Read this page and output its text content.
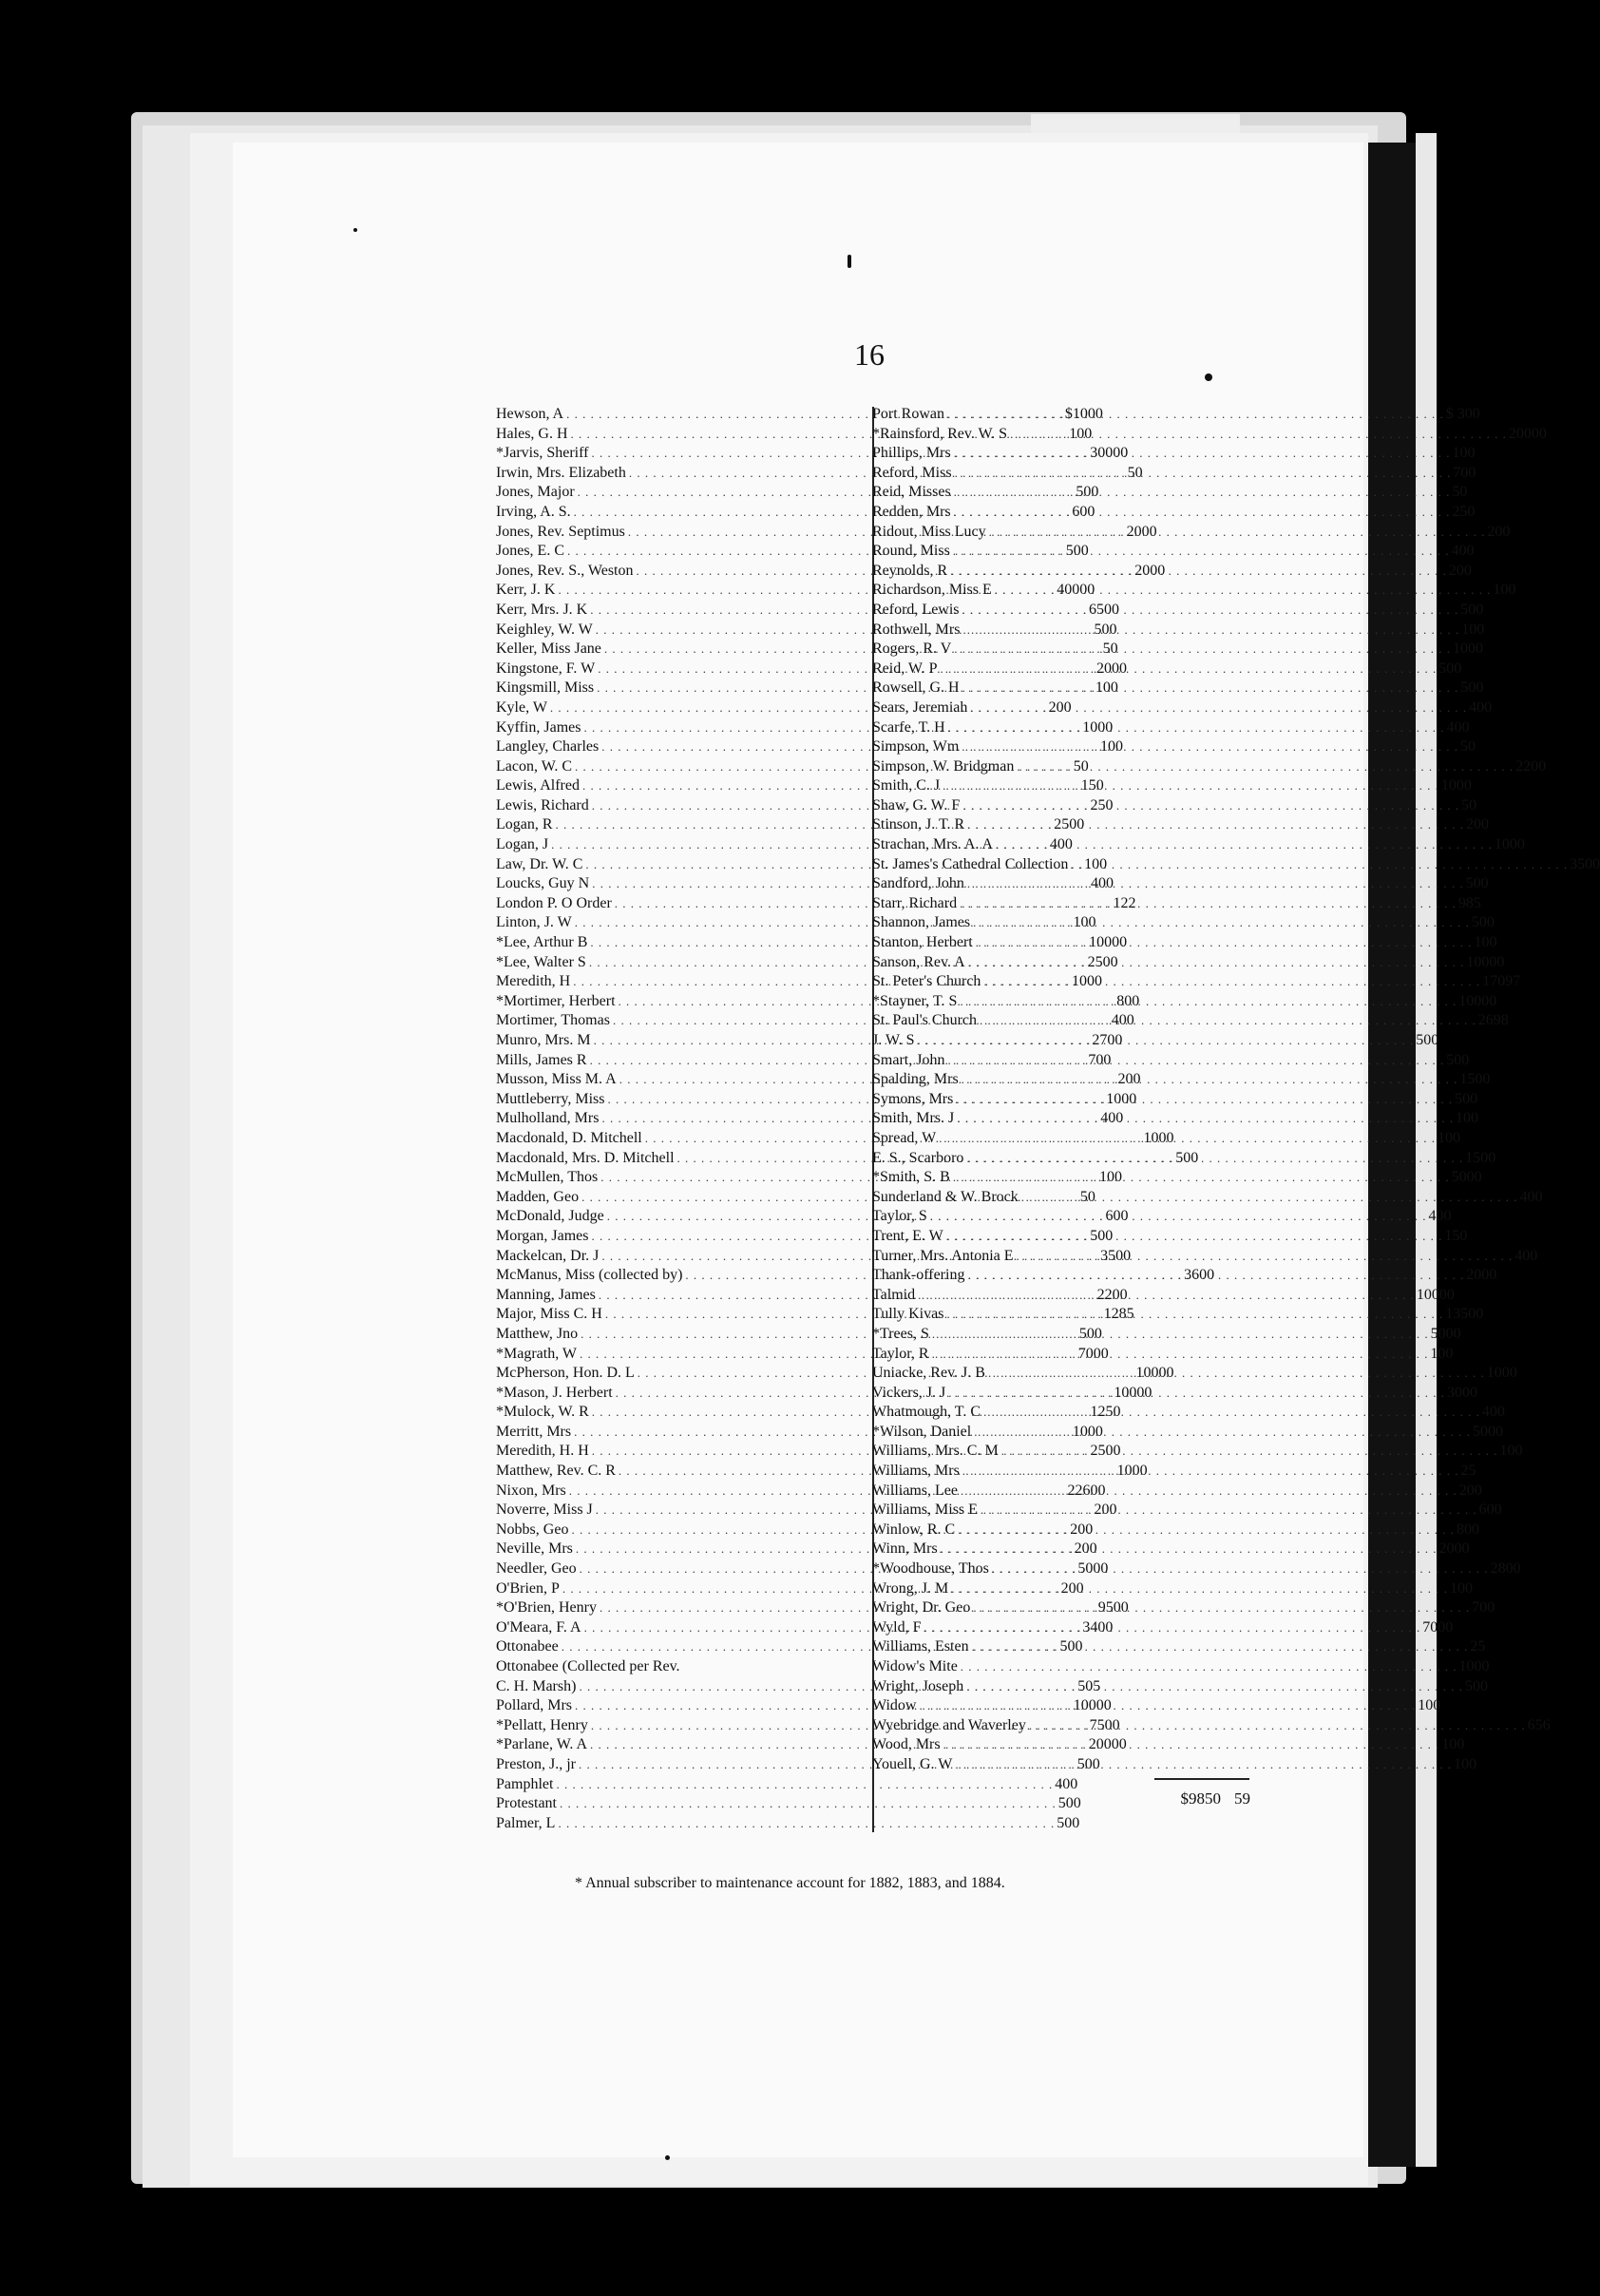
16
Hewson, A . . .	$10 00
Hales, G. H . . .	1 00
*Jarvis, Sheriff . . .	300 00
Irwin, Mrs. Elizabeth . . .	50
Jones, Major . . .	5 00
Irving, A. S. . . .	6 00
Jones, Rev. Septimus . . .	20 00
Jones, E. C . . .	5 00
Jones, Rev. S., Weston . . .	20 00
Kerr, J. K . . .	400 00
Kerr, Mrs. J. K . . .	65 00
Keighley, W. W . . .	5 00
Keller, Miss Jane . . .	50
Kingstone, F. W . . .	20 00
Kingsmill, Miss . . .	1 00
Kyle, W . . .	2 00
Kyffin, James . . .	10 00
Langley, Charles . . .	1 00
Lacon, W. C . . .	50
Lewis, Alfred . . .	1 50
Lewis, Richard . . .	2 50
Logan, R . . .	25 00
Logan, J . . .	4 00
Law, Dr. W. C . . .	1 00
Loucks, Guy N . . .	4 00
London P. O Order . . .	1 22
Linton, J. W . . .	1 00
*Lee, Arthur B . . .	100 00
*Lee, Walter S . . .	25 00
Meredith, H . . .	10 00
*Mortimer, Herbert . . .	8 00
Mortimer, Thomas . . .	4 00
Munro, Mrs. M . . .	27 00
Mills, James R . . .	7 00
Musson, Miss M. A . . .	2 00
Muttleberry, Miss . . .	10 00
Mulholland, Mrs . . .	4 00
Macdonald, D. Mitchell . . .	10 00
Macdonald, Mrs. D. Mitchell . . .	5 00
McMullen, Thos . . .	1 00
Madden, Geo . . .	50
McDonald, Judge . . .	6 00
Morgan, James . . .	5 00
Mackelcan, Dr. J . . .	35 00
McManus, Miss (collected by) . . .	36 00
Manning, James . . .	22 00
Major, Miss C. H . . .	12 85
Matthew, Jno . . .	5 00
*Magrath, W . . .	70 00
McPherson, Hon. D. L . . .	100 00
*Mason, J. Herbert . . .	100 00
*Mulock, W. R . . .	12 50
Merritt, Mrs . . .	10 00
Meredith, H. H . . .	25 00
Matthew, Rev. C. R . . .	10 00
Nixon, Mrs . . .	226 00
Noverre, Miss J . . .	2 00
Nobbs, Geo . . .	2 00
Neville, Mrs . . .	2 00
Needler, Geo . . .	50 00
O'Brien, P . . .	2 00
*O'Brien, Henry . . .	95 00
O'Meara, F. A . . .	34 00
Ottonabee . . .	5 00
Ottonabee (Collected per Rev.
C. H. Marsh) . . .	5 05
Pollard, Mrs . . .	100 00
*Pellatt, Henry . . .	75 00
*Parlane, W. A . . .	200 00
Preston, J., jr . . .	5 00
Pamphlet . . .	4 00
Protestant . . .	5 00
Palmer, L . . .	5 00
Port Rowan . . .	$ 3 00
*Rainsford, Rev. W. S . . .	200 00
Phillips, Mrs . . .	1 00
Reford, Miss . . .	7 00
Reid, Misses . . .	50
Redden, Mrs . . .	2 50
Ridout, Miss Lucy . . .	2 00
Round, Miss . . .	4 00
Reynolds, R . . .	2 00
Richardson, Miss E . . .	1 00
Reford, Lewis . . .	5 00
Rothwell, Mrs . . .	1 00
Rogers, R. V . . .	10 00
Reid, W. P . . .	5 00
Rowsell, G. H . . .	5 00
Sears, Jeremiah . . .	4 00
Scarfe, T. H . . .	4 00
Simpson, Wm . . .	50
Simpson, W. Bridgman . . .	22 00
Smith, C. J . . .	10 00
Shaw, G. W. F . . .	50
Stinson, J. T. R . . .	2 00
Strachan, Mrs. A. A . . .	10 00
St. James's Cathedral Collection . . .	35 00
Sandford, John . . .	5 00
Starr, Richard . . .	9 85
Shannon, James . . .	5 00
Stanton, Herbert . . .	1 00
Sanson, Rev. A . . .	100 00
St. Peter's Church . . .	170 97
*Stayner, T. S . . .	100 00
St. Paul's Church . . .	26 98
J. W. S . . .	5 00
Smart, John . . .	5 00
Spalding, Mrs . . .	15 00
Symons, Mrs . . .	5 00
Smith, Mrs. J . . .	1 00
Spread, W . . .	1 00
E. S., Scarboro . . .	15 00
*Smith, S. B . . .	50 00
Sunderland & W. Brock . . .	4 00
Taylor, S . . .	4 00
Trent, E. W . . .	1 50
Turner, Mrs. Antonia E . . .	4 00
Thank-offering . . .	20 00
Talmid . . .	100 00
Tully Kivas . . .	135 00
*Trees, S . . .	50 00
Taylor, R . . .	1 00
Uniacke, Rev. J. B . . .	10 00
Vickers, J. J . . .	30 00
Whatmough, T. C . . .	4 00
*Wilson, Daniel . . .	50 00
Williams, Mrs. C. M . . .	1 00
Williams, Mrs . . .	25
Williams, Lee . . .	2 00
Williams, Miss E . . .	6 00
Winlow, R. C . . .	8 00
Winn, Mrs . . .	20 00
*Woodhouse, Thos . . .	28 00
Wrong, J. M . . .	1 00
Wright, Dr. Geo . . .	7 00
Wyld, F . . .	70 00
Williams, Esten . . .	25
Widow's Mite . . .	10 00
Wright, Joseph . . .	5 00
Widow . . .	1 00
Wyebridge and Waverley . . .	6 56
Wood, Mrs . . .	1 00
Youell, G. W . . .	1 00
$9850 59
* Annual subscriber to maintenance account for 1882, 1883, and 1884.
